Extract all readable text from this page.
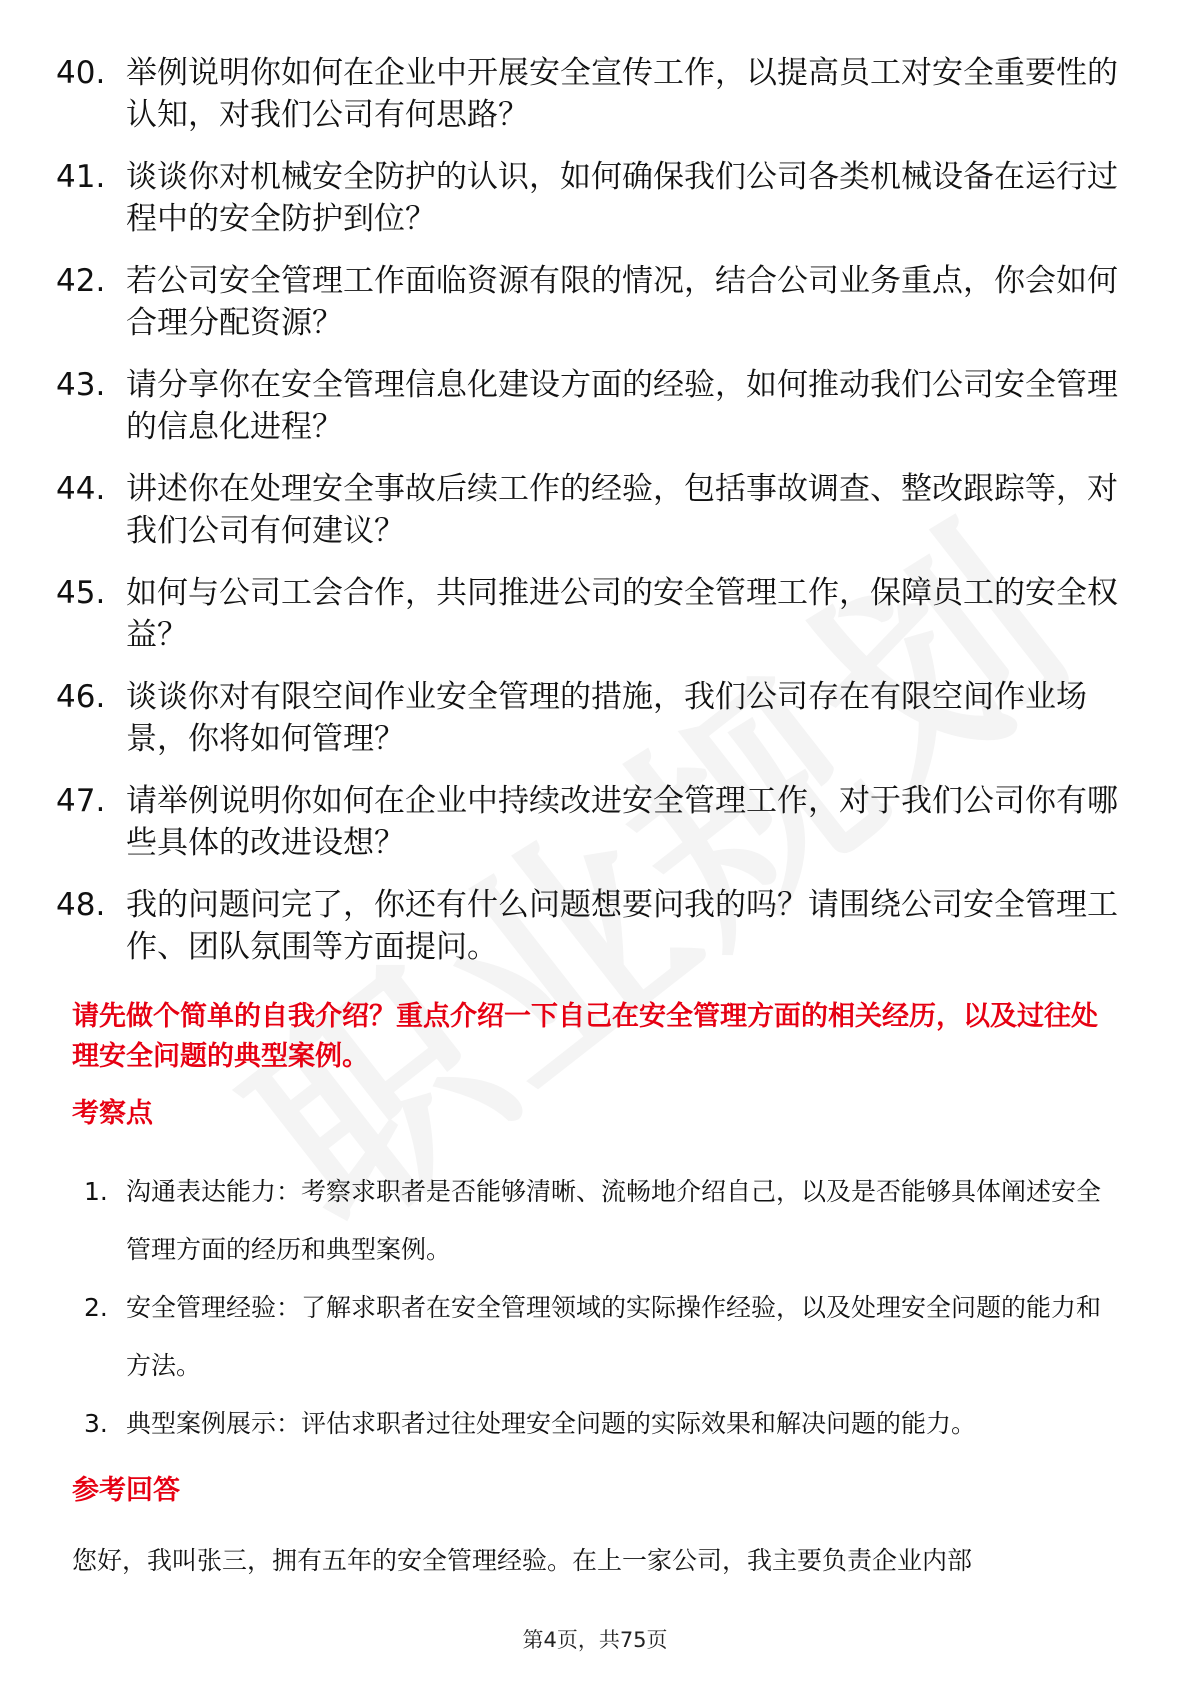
40. 举例说明你如何在企业中开展安全宣传工作，以提高员工对安全重要性的认知，对我们公司有何思路？
41. 谈谈你对机械安全防护的认识，如何确保我们公司各类机械设备在运行过程中的安全防护到位？
42. 若公司安全管理工作面临资源有限的情况，结合公司业务重点，你会如何合理分配资源？
43. 请分享你在安全管理信息化建设方面的经验，如何推动我们公司安全管理的信息化进程？
44. 讲述你在处理安全事故后续工作的经验，包括事故调查、整改跟踪等，对我们公司有何建议？
45. 如何与公司工会合作，共同推进公司的安全管理工作，保障员工的安全权益？
46. 谈谈你对有限空间作业安全管理的措施，我们公司存在有限空间作业场景，你将如何管理？
47. 请举例说明你如何在企业中持续改进安全管理工作，对于我们公司你有哪些具体的改进设想？
48. 我的问题问完了，你还有什么问题想要问我的吗？请围绕公司安全管理工作、团队氛围等方面提问。

请先做个简单的自我介绍？重点介绍一下自己在安全管理方面的相关经历，以及过往处理安全问题的典型案例。

考察点
1. 沟通表达能力：考察求职者是否能够清晰、流畅地介绍自己，以及是否能够具体阐述安全管理方面的经历和典型案例。
2. 安全管理经验：了解求职者在安全管理领域的实际操作经验，以及处理安全问题的能力和方法。
3. 典型案例展示：评估求职者过往处理安全问题的实际效果和解决问题的能力。
参考回答

您好，我叫张三，拥有五年的安全管理经验。在上一家公司，我主要负责企业内部

第4页，共75页
